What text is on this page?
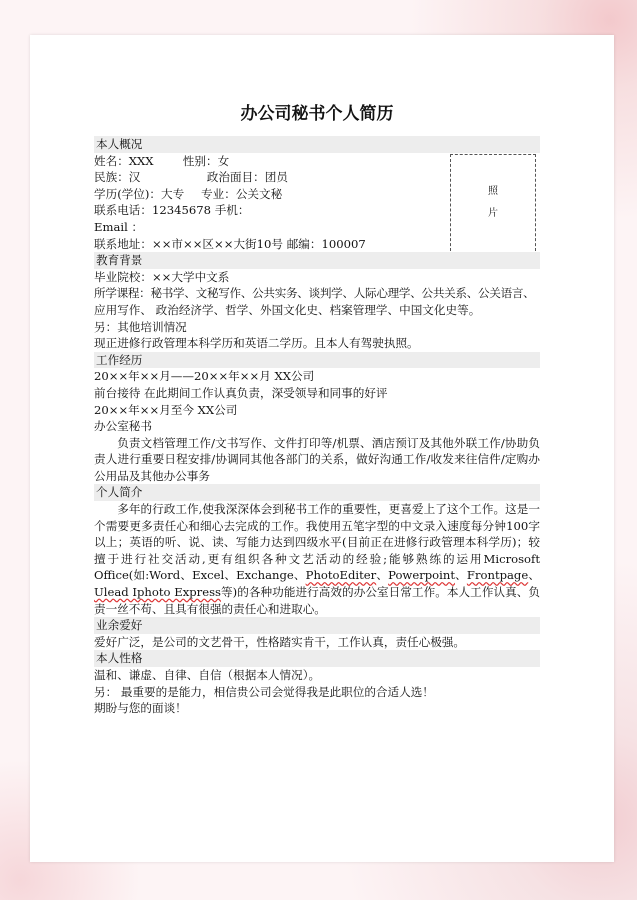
办公司秘书个人简历
照
片
本人概况
姓名：XXX	性别：女
民族：汉	政治面目：团员
学历(学位)：大专 专业：公关文秘
联系电话：12345678 手机：
Email ：
联系地址：××市××区××大街10号 邮编：100007
教育背景
毕业院校：××大学中文系
所学课程：秘书学、文秘写作、公共实务、谈判学、人际心理学、公共关系、公关语言、
应用写作、 政治经济学、哲学、外国文化史、档案管理学、中国文化史等。
另：其他培训情况
现正进修行政管理本科学历和英语二学历。且本人有驾驶执照。
工作经历
20××年××月——20××年××月 XX公司
前台接待 在此期间工作认真负责，深受领导和同事的好评
20××年××月至今 XX公司
办公室秘书
负责文档管理工作/文书写作、文件打印等/机票、酒店预订及其他外联工作/协助负责人进行重要日程安排/协调同其他各部门的关系，做好沟通工作/收发来往信件/定购办公用品及其他办公事务
个人简介
多年的行政工作,使我深深体会到秘书工作的重要性，更喜爱上了这个工作。这是一个需要更多责任心和细心去完成的工作。我使用五笔字型的中文录入速度每分钟100字以上；英语的听、说、读、写能力达到四级水平(目前正在进修行政管理本科学历)；较擅于进行社交活动,更有组织各种文艺活动的经验;能够熟练的运用Microsoft Office(如:Word、Excel、Exchange、PhotoEditer、Powerpoint、Frontpage、Ulead Iphoto Express等)的各种功能进行高效的办公室日常工作。本人工作认真、负责一丝不苟、且具有很强的责任心和进取心。
业余爱好
爱好广泛，是公司的文艺骨干，性格踏实肯干，工作认真，责任心极强。
本人性格
温和、谦虚、自律、自信（根据本人情况）。
另： 最重要的是能力，相信贵公司会觉得我是此职位的合适人选！
期盼与您的面谈！
